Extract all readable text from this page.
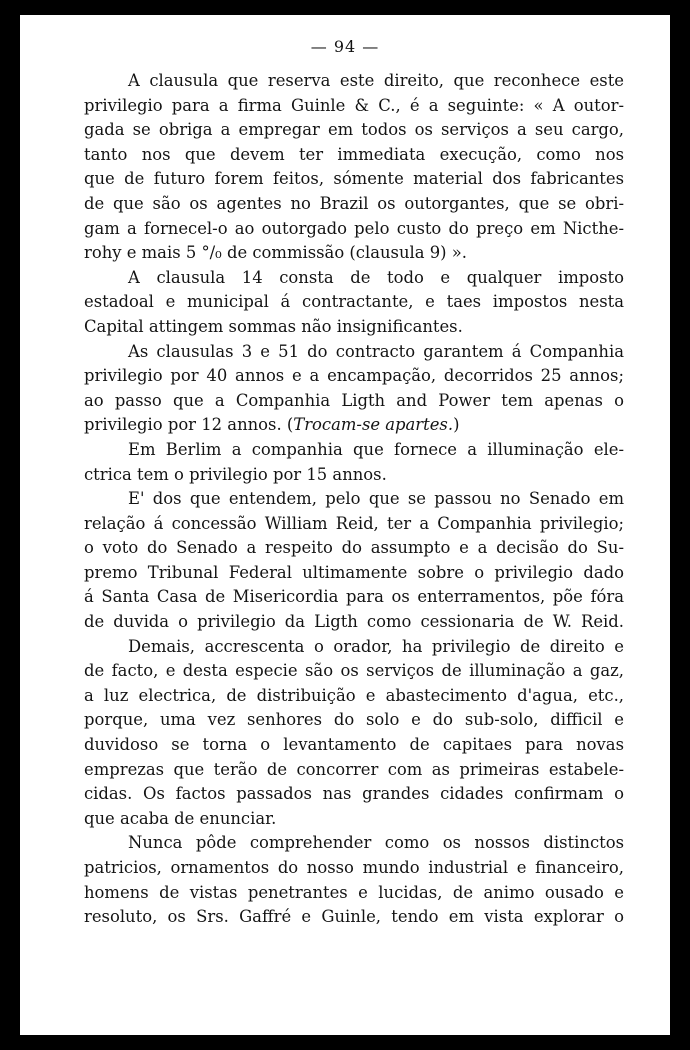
— 94 —
A clausula que reserva este direito, que reconhece este
privilegio para a firma Guinle & C., é a seguinte: « A outor-
gada se obriga a empregar em todos os serviços a seu cargo,
tanto nos que devem ter immediata execução, como nos
que de futuro forem feitos, sómente material dos fabricantes
de que são os agentes no Brazil os outorgantes, que se obri-
gam a fornecel-o ao outorgado pelo custo do preço em Nicthe-
rohy e mais 5 °/₀ de commissão (clausula 9) ».
A clausula 14 consta de todo e qualquer imposto
estadoal e municipal á contractante, e taes impostos nesta
Capital attingem sommas não insignificantes.
As clausulas 3 e 51 do contracto garantem á Companhia
privilegio por 40 annos e a encampação, decorridos 25 annos;
ao passo que a Companhia Ligth and Power tem apenas o
privilegio por 12 annos. (Trocam-se apartes.)
Em Berlim a companhia que fornece a illuminação ele-
ctrica tem o privilegio por 15 annos.
E' dos que entendem, pelo que se passou no Senado em
relação á concessão William Reid, ter a Companhia privilegio;
o voto do Senado a respeito do assumpto e a decisão do Su-
premo Tribunal Federal ultimamente sobre o privilegio dado
á Santa Casa de Misericordia para os enterramentos, põe fóra
de duvida o privilegio da Ligth como cessionaria de W. Reid.
Demais, accrescenta o orador, ha privilegio de direito e
de facto, e desta especie são os serviços de illuminação a gaz,
a luz electrica, de distribuição e abastecimento d'agua, etc.,
porque, uma vez senhores do solo e do sub-solo, difficil e
duvidoso se torna o levantamento de capitaes para novas
emprezas que terão de concorrer com as primeiras estabele-
cidas. Os factos passados nas grandes cidades confirmam o
que acaba de enunciar.
Nunca pôde comprehender como os nossos distinctos
patricios, ornamentos do nosso mundo industrial e financeiro,
homens de vistas penetrantes e lucidas, de animo ousado e
resoluto, os Srs. Gaffré e Guinle, tendo em vista explorar o
